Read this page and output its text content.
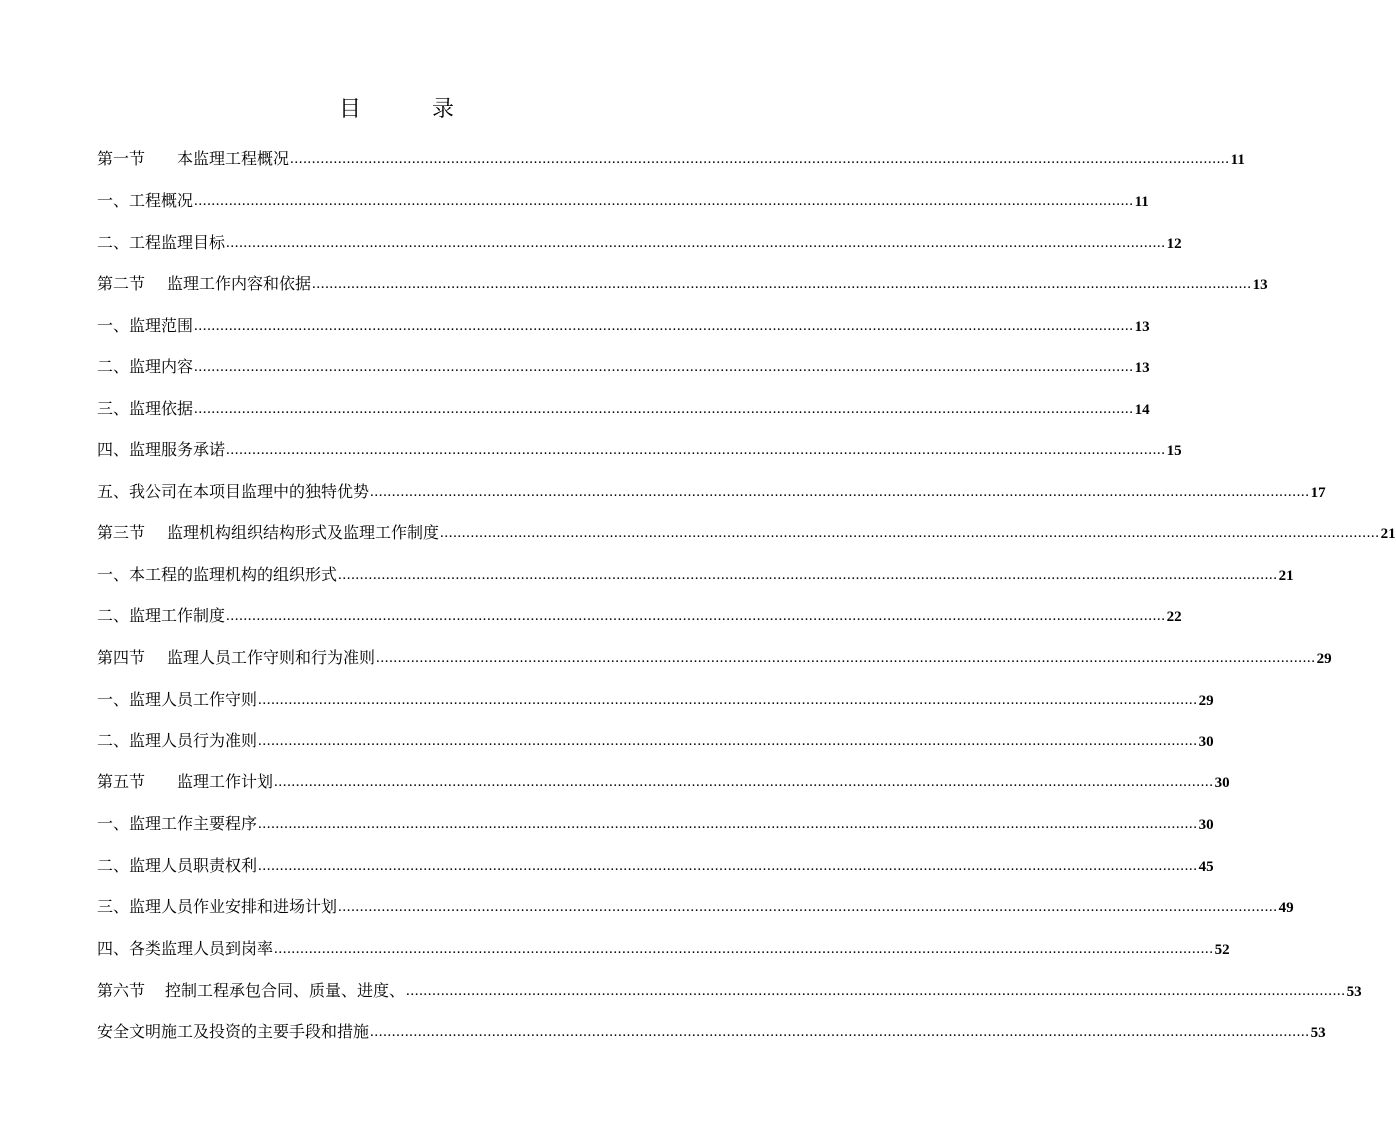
目 录
第一节 本监理工程概况 ........................................................................................................................................................................................................................ 11
一、工程概况 ........................................................................................................................................................................................................................ 11
二、工程监理目标 ........................................................................................................................................................................................................................ 12
第二节 监理工作内容和依据 ........................................................................................................................................................................................................................ 13
一、监理范围 ........................................................................................................................................................................................................................ 13
二、监理内容 ........................................................................................................................................................................................................................ 13
三、监理依据 ........................................................................................................................................................................................................................ 14
四、监理服务承诺 ........................................................................................................................................................................................................................ 15
五、我公司在本项目监理中的独特优势 ........................................................................................................................................................................................................................ 17
第三节 监理机构组织结构形式及监理工作制度 ........................................................................................................................................................................................................................ 21
一、本工程的监理机构的组织形式 ........................................................................................................................................................................................................................ 21
二、监理工作制度 ........................................................................................................................................................................................................................ 22
第四节 监理人员工作守则和行为准则 ........................................................................................................................................................................................................................ 29
一、监理人员工作守则 ........................................................................................................................................................................................................................ 29
二、监理人员行为准则 ........................................................................................................................................................................................................................ 30
第五节 监理工作计划 ........................................................................................................................................................................................................................ 30
一、监理工作主要程序 ........................................................................................................................................................................................................................ 30
二、监理人员职责权利 ........................................................................................................................................................................................................................ 45
三、监理人员作业安排和进场计划 ........................................................................................................................................................................................................................ 49
四、各类监理人员到岗率 ........................................................................................................................................................................................................................ 52
第六节 控制工程承包合同、质量、进度、 ........................................................................................................................................................................................................................ 53
安全文明施工及投资的主要手段和措施 ........................................................................................................................................................................................................................ 53
